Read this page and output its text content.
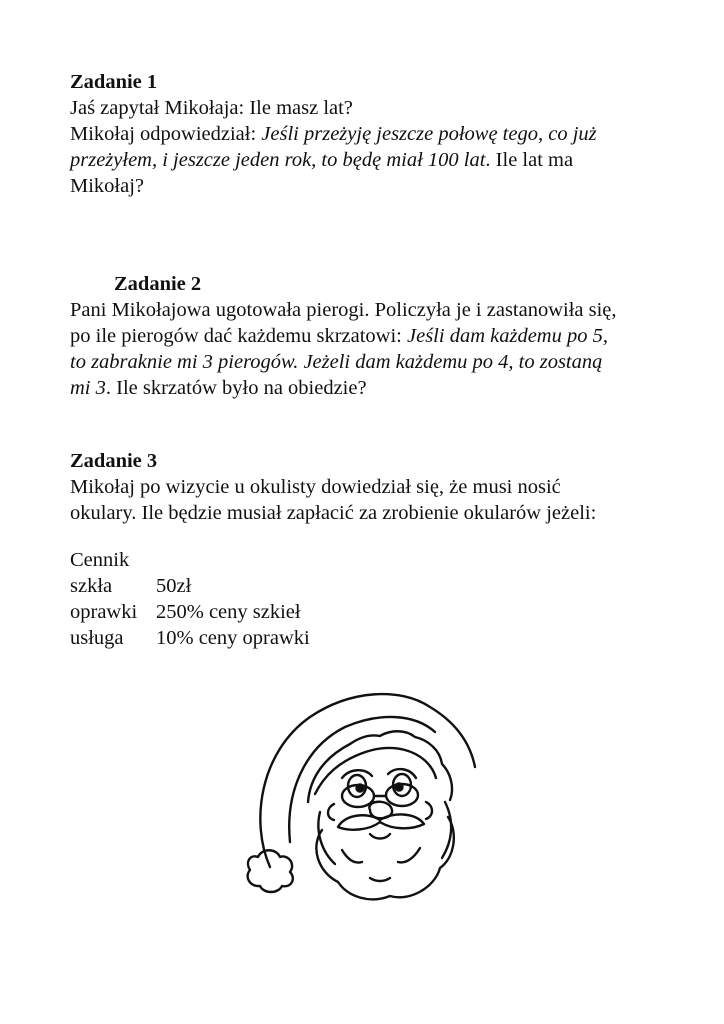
Zadanie 1

Jaś zapytał Mikołaja: Ile masz lat?

Mikołaj odpowiedział: Jeśli przeżyję jeszcze połowę tego, co już

przeżyłem, i jeszcze jeden rok, to będę miał 100 lat. Ile lat ma

Mikołaj?

Zadanie 2

Pani Mikołajowa ugotowała pierogi. Policzyła je i zastanowiła się,

po ile pierogów dać każdemu skrzatowi: Jeśli dam każdemu po 5,

to zabraknie mi 3 pierogów. Jeżeli dam każdemu po 4, to zostaną

mi 3. Ile skrzatów było na obiedzie?

Zadanie 3

Mikołaj po wizycie u okulisty dowiedział się, że musi nosić

okulary. Ile będzie musiał zapłacić za zrobienie okularów jeżeli:

Cennik

szkła	50zł
oprawki 250% ceny szkieł
usługa	10% ceny oprawki
